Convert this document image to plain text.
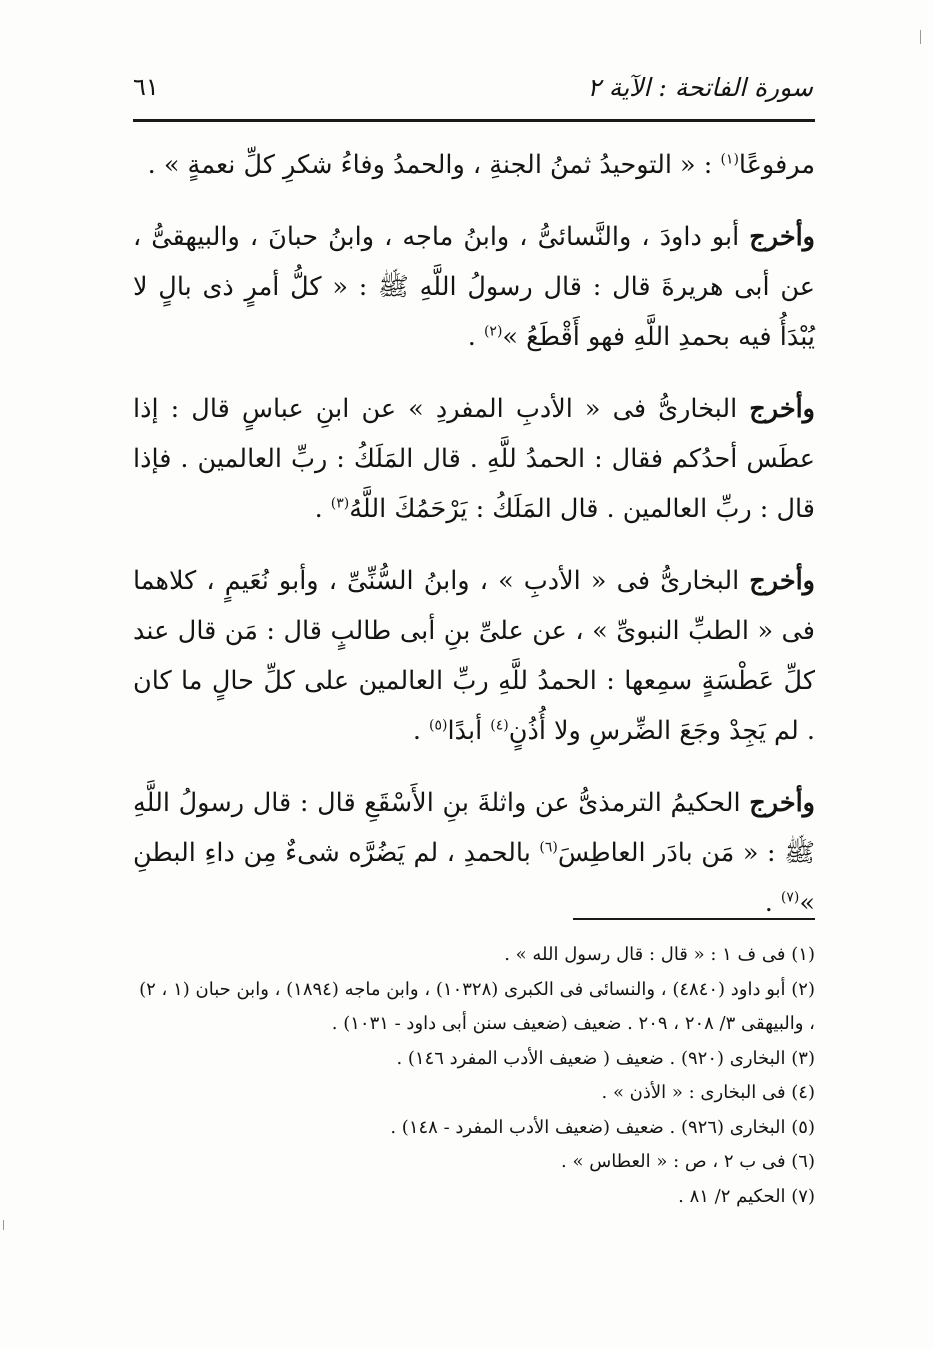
سورة الفاتحة : الآية ٢
٦١

مرفوعًا$^{(١)}$ : « التوحيدُ ثمنُ الجنةِ ، والحمدُ وفاءُ شكرِ كلِّ نعمةٍ » .

وأخرج أبو داودَ ، والنَّسائىُّ ، وابنُ ماجه ، وابنُ حبانَ ، والبيهقىُّ ، عن أبى هريرةَ قال : قال رسولُ اللَّهِ ﷺ : « كلُّ أمرٍ ذى بالٍ لا يُبْدَأُ فيه بحمدِ اللَّهِ فهو أَقْطَعُ »$^{(٢)}$ .

وأخرج البخارىُّ فى « الأدبِ المفردِ » عن ابنِ عباسٍ قال : إذا عطَس أحدُكم فقال : الحمدُ للَّهِ . قال المَلَكُ : ربِّ العالمين . فإذا قال : ربِّ العالمين . قال المَلَكُ : يَرْحَمُكَ اللَّهُ$^{(٣)}$ .

وأخرج البخارىُّ فى « الأدبِ » ، وابنُ السُّنِّىِّ ، وأبو نُعَيمٍ ، كلاهما فى « الطبِّ النبوىِّ » ، عن علىِّ بنِ أبى طالبٍ قال : مَن قال عند كلِّ عَطْسَةٍ سمِعها : الحمدُ للَّهِ ربِّ العالمين على كلِّ حالٍ ما كان . لم يَجِدْ وجَعَ الضِّرسِ ولا أُذُنٍ$^{(٤)}$ أبدًا$^{(٥)}$ .

وأخرج الحكيمُ الترمذىُّ عن واثلةَ بنِ الأَسْقَعِ قال : قال رسولُ اللَّهِ ﷺ : « مَن بادَر العاطِسَ$^{(٦)}$ بالحمدِ ، لم يَضُرَّه شىءٌ مِن داءِ البطنِ »$^{(٧)}$ .

(١) فى ف ١ : « قال : قال رسول الله » .

(٢) أبو داود (٤٨٤٠) ، والنسائى فى الكبرى (١٠٣٢٨) ، وابن ماجه (١٨٩٤) ، وابن حبان (١ ، ٢) ، والبيهقى ٣/ ٢٠٨ ، ٢٠٩ . ضعيف (ضعيف سنن أبى داود - ١٠٣١) .

(٣) البخارى (٩٢٠) . ضعيف ( ضعيف الأدب المفرد ١٤٦) .

(٤) فى البخارى : « الأذن » .

(٥) البخارى (٩٢٦) . ضعيف (ضعيف الأدب المفرد - ١٤٨) .

(٦) فى ب ٢ ، ص : « العطاس » .

(٧) الحكيم ٢/ ٨١ .
